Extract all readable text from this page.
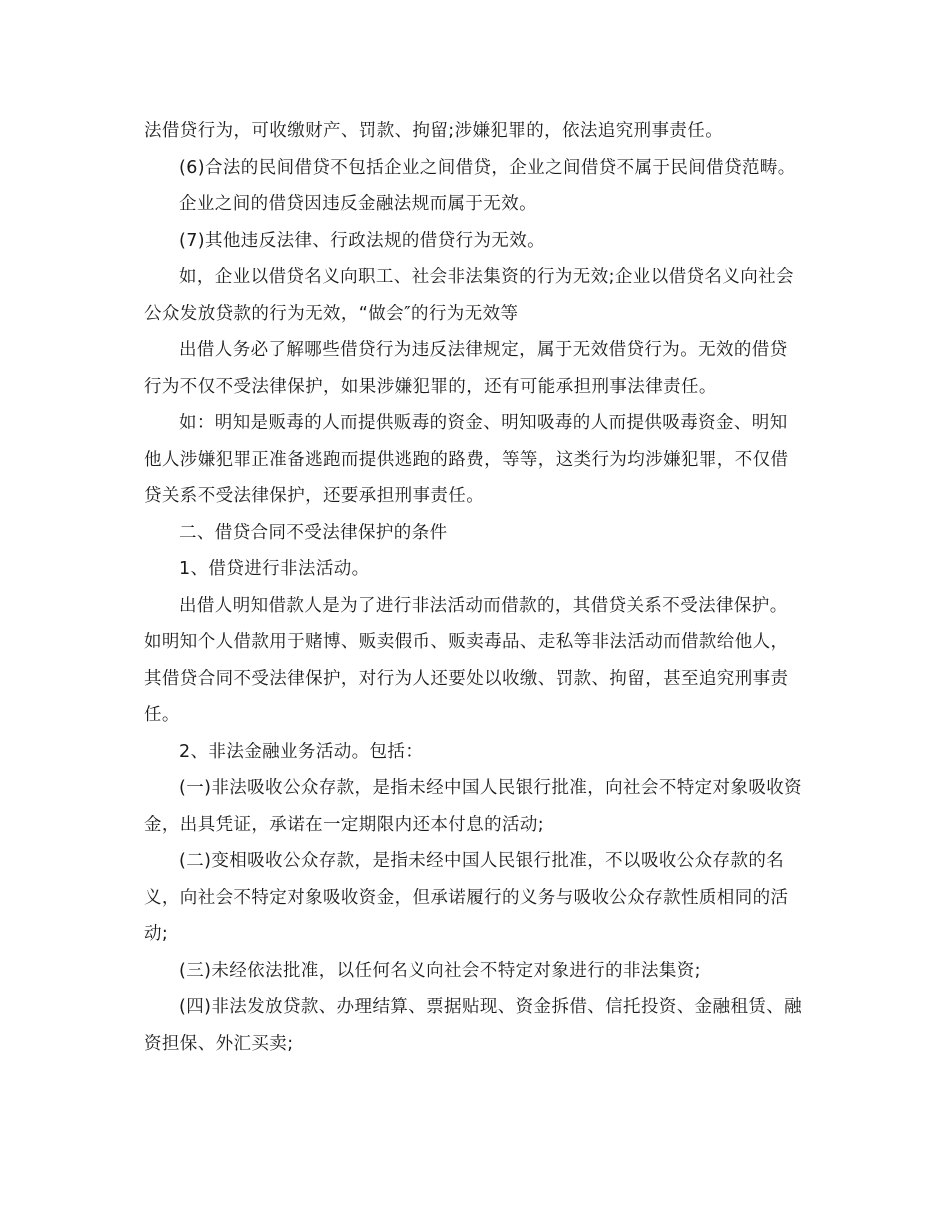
法借贷行为，可收缴财产、罚款、拘留;涉嫌犯罪的，依法追究刑事责任。

(6)合法的民间借贷不包括企业之间借贷，企业之间借贷不属于民间借贷范畴。

企业之间的借贷因违反金融法规而属于无效。

(7)其他违反法律、行政法规的借贷行为无效。

如，企业以借贷名义向职工、社会非法集资的行为无效;企业以借贷名义向社会公众发放贷款的行为无效，“做会″的行为无效等

出借人务必了解哪些借贷行为违反法律规定，属于无效借贷行为。无效的借贷行为不仅不受法律保护，如果涉嫌犯罪的，还有可能承担刑事法律责任。

如：明知是贩毒的人而提供贩毒的资金、明知吸毒的人而提供吸毒资金、明知他人涉嫌犯罪正准备逃跑而提供逃跑的路费，等等，这类行为均涉嫌犯罪，不仅借贷关系不受法律保护，还要承担刑事责任。

二、借贷合同不受法律保护的条件

1、借贷进行非法活动。

出借人明知借款人是为了进行非法活动而借款的，其借贷关系不受法律保护。如明知个人借款用于赌博、贩卖假币、贩卖毒品、走私等非法活动而借款给他人，其借贷合同不受法律保护，对行为人还要处以收缴、罚款、拘留，甚至追究刑事责任。

2、非法金融业务活动。包括：

(一)非法吸收公众存款，是指未经中国人民银行批准，向社会不特定对象吸收资金，出具凭证，承诺在一定期限内还本付息的活动;

(二)变相吸收公众存款，是指未经中国人民银行批准，不以吸收公众存款的名义，向社会不特定对象吸收资金，但承诺履行的义务与吸收公众存款性质相同的活动;

(三)未经依法批准，以任何名义向社会不特定对象进行的非法集资;

(四)非法发放贷款、办理结算、票据贴现、资金拆借、信托投资、金融租赁、融资担保、外汇买卖;
